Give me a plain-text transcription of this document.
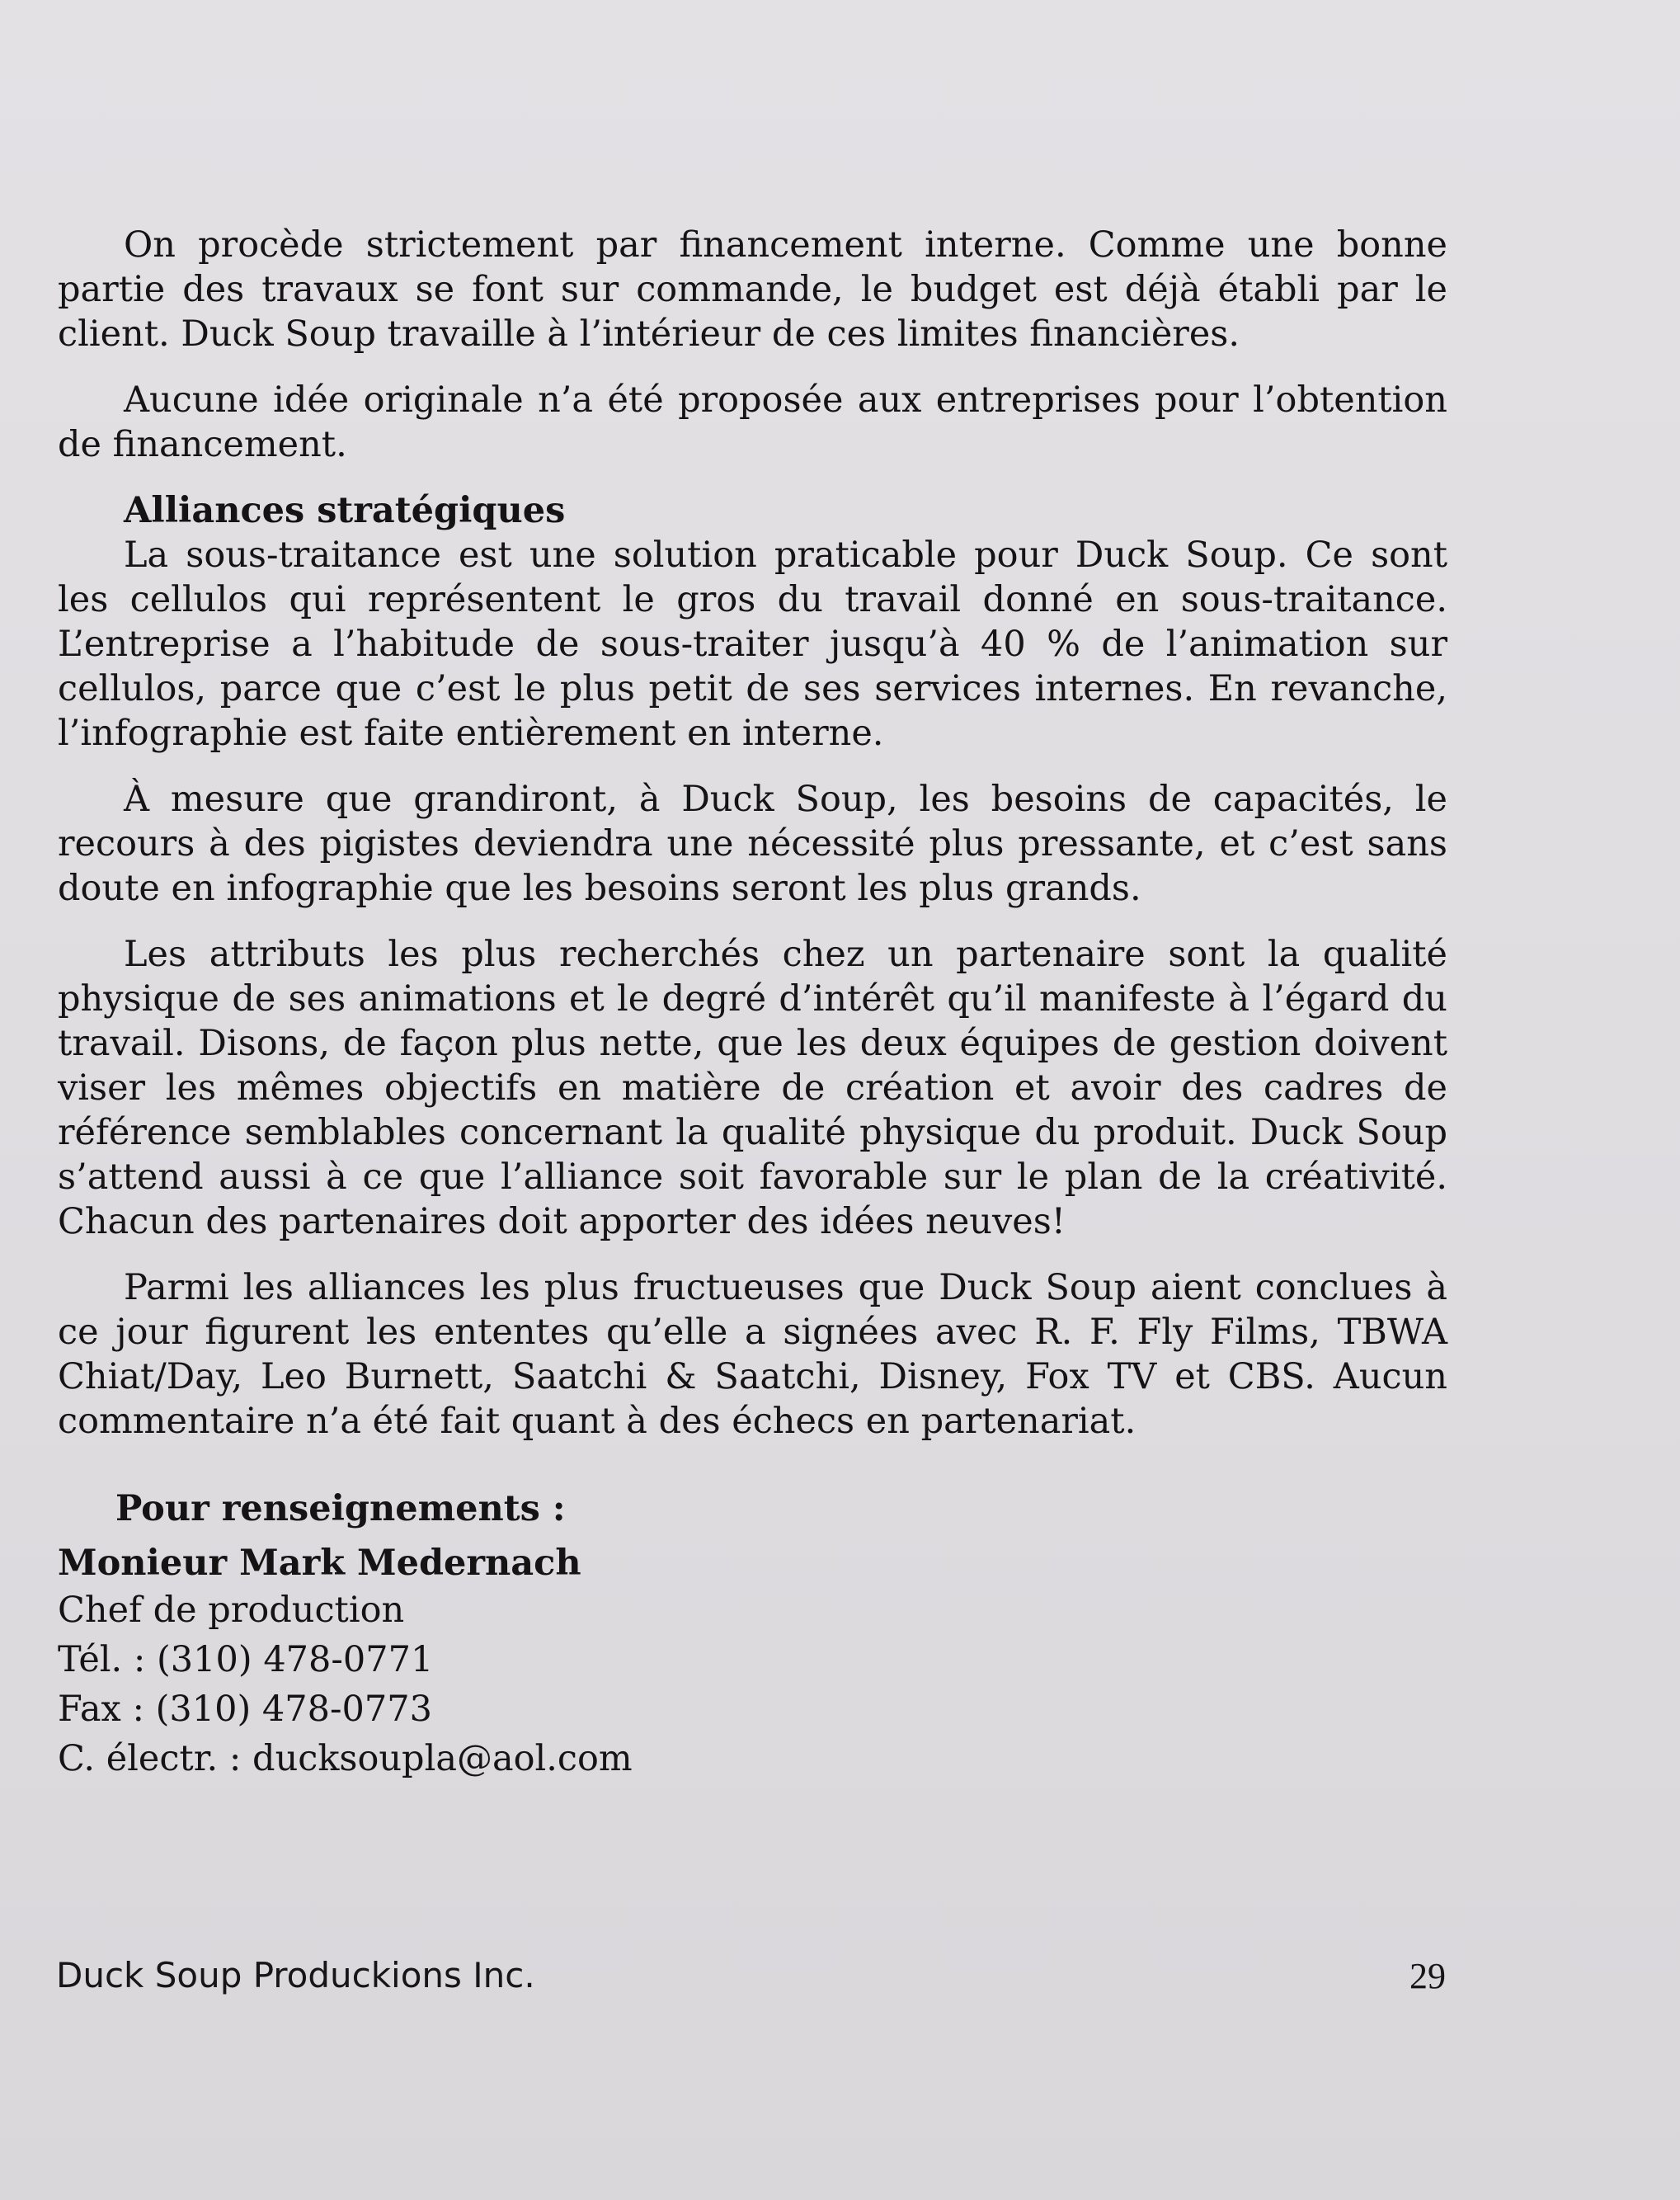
On procède strictement par financement interne. Comme une bonne partie des travaux se font sur commande, le budget est déjà établi par le client. Duck Soup travaille à l’intérieur de ces limites financières.

Aucune idée originale n’a été proposée aux entreprises pour l’obtention de financement.

Alliances stratégiques

La sous-traitance est une solution praticable pour Duck Soup. Ce sont les cellulos qui représentent le gros du travail donné en sous-traitance. L’entreprise a l’habitude de sous-traiter jusqu’à 40 % de l’animation sur cellulos, parce que c’est le plus petit de ses services internes. En revanche, l’infographie est faite entièrement en interne.

À mesure que grandiront, à Duck Soup, les besoins de capacités, le recours à des pigistes deviendra une nécessité plus pressante, et c’est sans doute en infographie que les besoins seront les plus grands.

Les attributs les plus recherchés chez un partenaire sont la qualité physique de ses animations et le degré d’intérêt qu’il manifeste à l’égard du travail. Disons, de façon plus nette, que les deux équipes de gestion doivent viser les mêmes objectifs en matière de création et avoir des cadres de référence semblables concernant la qualité physique du produit. Duck Soup s’attend aussi à ce que l’alliance soit favorable sur le plan de la créativité. Chacun des partenaires doit apporter des idées neuves!

Parmi les alliances les plus fructueuses que Duck Soup aient conclues à ce jour figurent les ententes qu’elle a signées avec R. F. Fly Films, TBWA Chiat/Day, Leo Burnett, Saatchi & Saatchi, Disney, Fox TV et CBS. Aucun commentaire n’a été fait quant à des échecs en partenariat.

Pour renseignements :

Monieur Mark Medernach

Chef de production

Tél. : (310) 478-0771

Fax : (310) 478-0773

C. électr. : ducksoupla@aol.com

Duck Soup Produckions Inc.	29
